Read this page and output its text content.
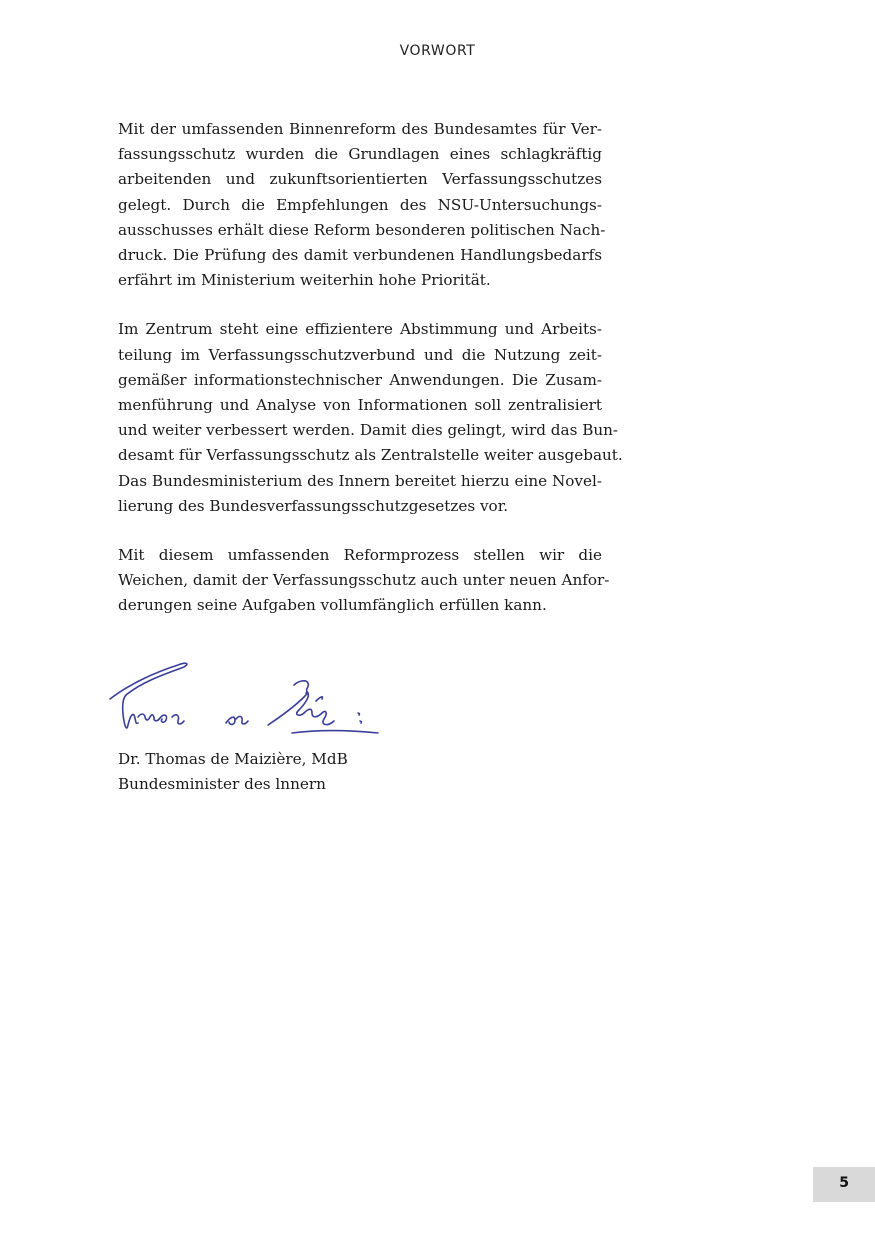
VORWORT

Mit der umfassenden Binnenreform des Bundesamtes für Ver-
fassungsschutz wurden die Grundlagen eines schlagkräftig
arbeitenden und zukunftsorientierten Verfassungsschutzes
gelegt. Durch die Empfehlungen des NSU-Untersuchungs-
ausschusses erhält diese Reform besonderen politischen Nach-
druck. Die Prüfung des damit verbundenen Handlungsbedarfs
erfährt im Ministerium weiterhin hohe Priorität.

Im Zentrum steht eine effizientere Abstimmung und Arbeits-
teilung im Verfassungsschutzverbund und die Nutzung zeit-
gemäßer informationstechnischer Anwendungen. Die Zusam-
menführung und Analyse von Informationen soll zentralisiert
und weiter verbessert werden. Damit dies gelingt, wird das Bun-
desamt für Verfassungsschutz als Zentralstelle weiter ausgebaut.
Das Bundesministerium des Innern bereitet hierzu eine Novel-
lierung des Bundesverfassungsschutzgesetzes vor.

Mit diesem umfassenden Reformprozess stellen wir die
Weichen, damit der Verfassungsschutz auch unter neuen Anfor-
derungen seine Aufgaben vollumfänglich erfüllen kann.

Dr. Thomas de Maizière, MdB
Bundesminister des lnnern
5
